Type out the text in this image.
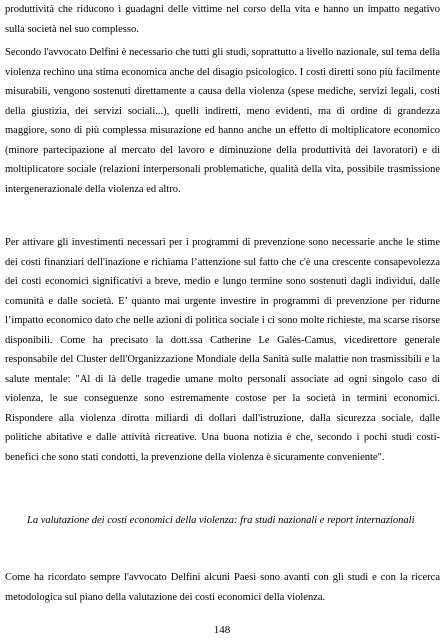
produttività che riducono i guadagni delle vittime nel corso della vita e hanno un impatto negativo sulla società nel suo complesso.

Secondo l'avvocato Delfini è necessario che tutti gli studi, soprattutto a livello nazionale, sul tema della violenza rechino una stima economica anche del disagio psicologico. I costi diretti sono più facilmente misurabili, vengono sostenuti direttamente a causa della violenza (spese mediche, servizi legali, costi della giustizia, dei servizi sociali...), quelli indiretti, meno evidenti, ma di ordine di grandezza maggiore, sono di più complessa misurazione ed hanno anche un effetto di moltiplicatore economico (minore partecipazione al mercato del lavoro e diminuzione della produttività dei lavoratori) e di moltiplicatore sociale (relazioni interpersonali problematiche, qualità della vita, possibile trasmissione intergenerazionale della violenza ed altro.

Per attivare gli investimenti necessari per i programmi di prevenzione sono necessarie anche le stime dei costi finanziari dell'inazione e richiama l’attenzione sul fatto che c'è una crescente consapevolezza dei costi economici significativi a breve, medio e lungo termine sono sostenuti dagli individui, dalle comunità e dalle società. E’ quanto mai urgente investire in programmi di prevenzione per ridurne l’impatto economico dato che nelle azioni di politica sociale i ci sono molte richieste, ma scarse risorse disponibili. Come ha precisato la dott.ssa Catherine Le Galès-Camus, vicedirettore generale responsabile del Cluster dell'Organizzazione Mondiale della Sanità sulle malattie non trasmissibili e la salute mentale: "Al di là delle tragedie umane molto personali associate ad ogni singolo caso di violenza, le sue conseguenze sono estremamente costose per la società in termini economici. Rispondere alla violenza dirotta miliardi di dollari dall'istruzione, dalla sicurezza sociale, dalle politiche abitative e dalle attività ricreative. Una buona notizia è che, secondo i pochi studi costi-benefici che sono stati condotti, la prevenzione della violenza è sicuramente conveniente".

La valutazione dei costi economici della violenza: fra studi nazionali e report internazionali

Come ha ricordato sempre l'avvocato Delfini alcuni Paesi sono avanti con gli studi e con la ricerca metodologica sul piano della valutazione dei costi economici della violenza.

148
